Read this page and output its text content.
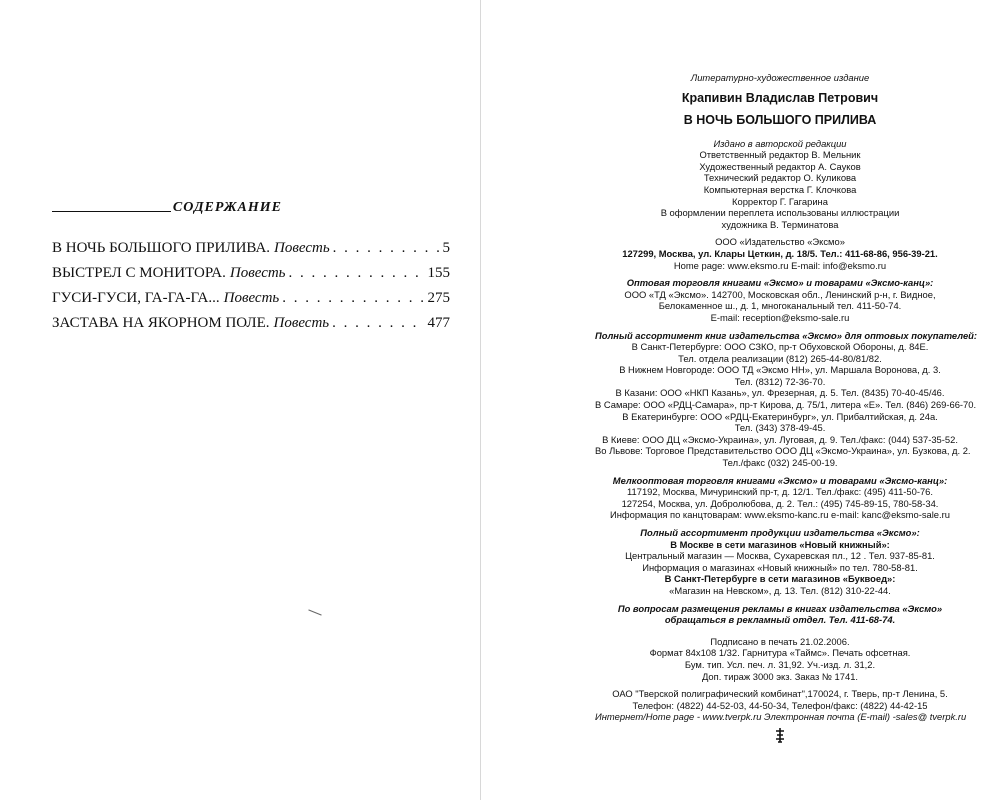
СОДЕРЖАНИЕ
В НОЧЬ БОЛЬШОГО ПРИЛИВА. Повесть . . .	5
ВЫСТРЕЛ С МОНИТОРА. Повесть . . .	155
ГУСИ-ГУСИ, ГА-ГА-ГА... Повесть . . .	275
ЗАСТАВА НА ЯКОРНОМ ПОЛЕ. Повесть . . .	477
Литературно-художественное издание
Крапивин Владислав Петрович
В НОЧЬ БОЛЬШОГО ПРИЛИВА
Издано в авторской редакции
Ответственный редактор В. Мельник
Художественный редактор А. Сауков
Технический редактор О. Куликова
Компьютерная верстка Г. Клочкова
Корректор Г. Гагарина
В оформлении переплета использованы иллюстрации
художника В. Терминатова
ООО «Издательство «Эксмо»
127299, Москва, ул. Клары Цеткин, д. 18/5. Тел.: 411-68-86, 956-39-21.
Home page: www.eksmo.ru E-mail: info@eksmo.ru
Оптовая торговля книгами «Эксмо» и товарами «Эксмо-канц»:
ООО «ТД «Эксмо». 142700, Московская обл., Ленинский р-н, г. Видное,
Белокаменное ш., д. 1, многоканальный тел. 411-50-74.
E-mail: reception@eksmo-sale.ru
Полный ассортимент книг издательства «Эксмо» для оптовых покупателей:
В Санкт-Петербурге: ООО СЗКО, пр-т Обуховской Обороны, д. 84Е.
Тел. отдела реализации (812) 265-44-80/81/82.
В Нижнем Новгороде: ООО ТД «Эксмо НН», ул. Маршала Воронова, д. 3.
Тел. (8312) 72-36-70.
В Казани: ООО «НКП Казань», ул. Фрезерная, д. 5. Тел. (8435) 70-40-45/46.
В Самаре: ООО «РДЦ-Самара», пр-т Кирова, д. 75/1, литера «Е». Тел. (846) 269-66-70.
В Екатеринбурге: ООО «РДЦ-Екатеринбург», ул. Прибалтийская, д. 24а.
Тел. (343) 378-49-45.
В Киеве: ООО ДЦ «Эксмо-Украина», ул. Луговая, д. 9. Тел./факс: (044) 537-35-52.
Во Львове: Торговое Представительство ООО ДЦ «Эксмо-Украина», ул. Бузкова, д. 2.
Тел./факс (032) 245-00-19.
Мелкооптовая торговля книгами «Эксмо» и товарами «Эксмо-канц»:
117192, Москва, Мичуринский пр-т, д. 12/1. Тел./факс: (495) 411-50-76.
127254, Москва, ул. Добролюбова, д. 2. Тел.: (495) 745-89-15, 780-58-34.
Информация по канцтоварам: www.eksmo-kanc.ru e-mail: kanc@eksmo-sale.ru
Полный ассортимент продукции издательства «Эксмо»:
В Москве в сети магазинов «Новый книжный»:
Центральный магазин — Москва, Сухаревская пл., 12 . Тел. 937-85-81.
Информация о магазинах «Новый книжный» по тел. 780-58-81.
В Санкт-Петербурге в сети магазинов «Буквоед»:
«Магазин на Невском», д. 13. Тел. (812) 310-22-44.
По вопросам размещения рекламы в книгах издательства «Эксмо»
обращаться в рекламный отдел. Тел. 411-68-74.
Подписано в печать 21.02.2006.
Формат 84x108 1/32. Гарнитура «Таймс». Печать офсетная.
Бум. тип. Усл. печ. л. 31,92. Уч.-изд. л. 31,2.
Доп. тираж 3000 экз. Заказ № 1741.
ОАО "Тверской полиграфический комбинат",170024, г. Тверь, пр-т Ленина, 5.
Телефон: (4822) 44-52-03, 44-50-34, Телефон/факс: (4822) 44-42-15
Интернет/Home page - www.tverpk.ru Электронная почта (E-mail) -sales@ tverpk.ru
